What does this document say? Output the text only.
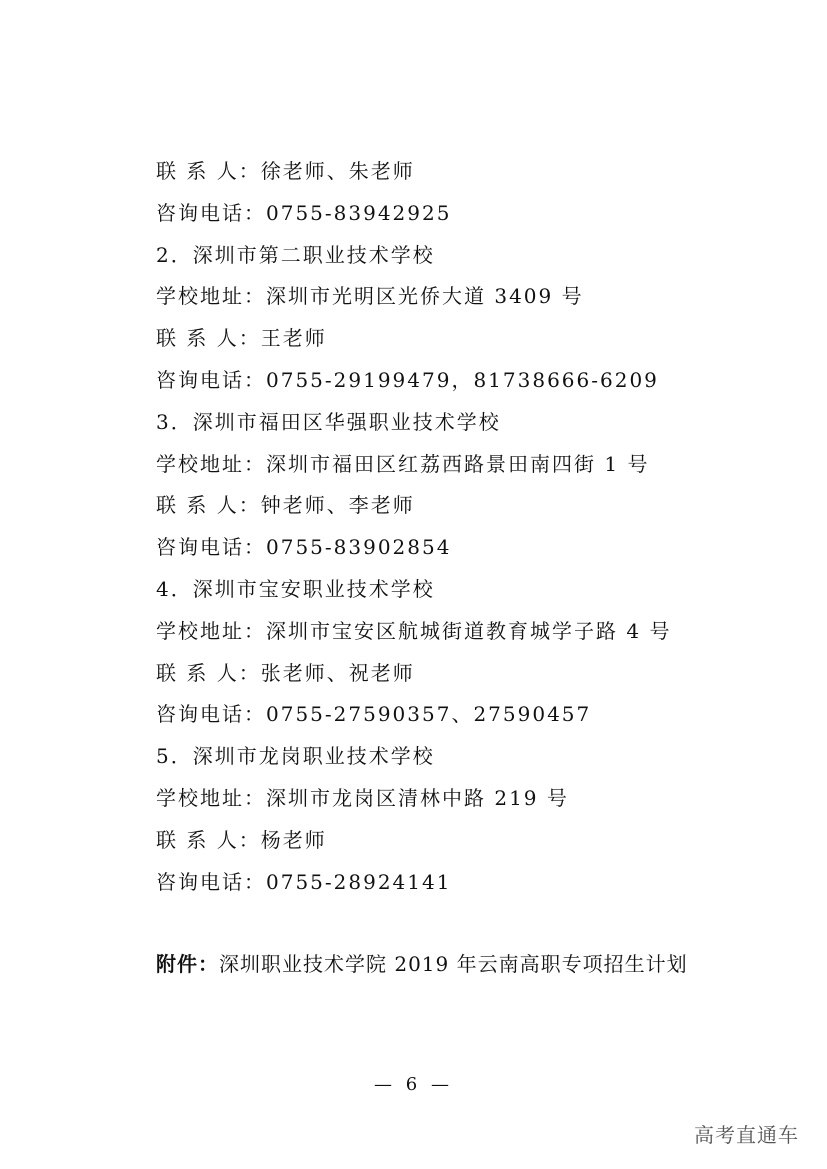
联 系 人：徐老师、朱老师
咨询电话：0755-83942925
2．深圳市第二职业技术学校
学校地址：深圳市光明区光侨大道 3409 号
联 系 人：王老师
咨询电话：0755-29199479，81738666-6209
3．深圳市福田区华强职业技术学校
学校地址：深圳市福田区红荔西路景田南四街 1 号
联 系 人：钟老师、李老师
咨询电话：0755-83902854
4．深圳市宝安职业技术学校
学校地址：深圳市宝安区航城街道教育城学子路 4 号
联 系 人：张老师、祝老师
咨询电话：0755-27590357、27590457
5．深圳市龙岗职业技术学校
学校地址：深圳市龙岗区清林中路 219 号
联 系 人：杨老师
咨询电话：0755-28924141
附件：深圳职业技术学院 2019 年云南高职专项招生计划
— 6 —
高考直通车
